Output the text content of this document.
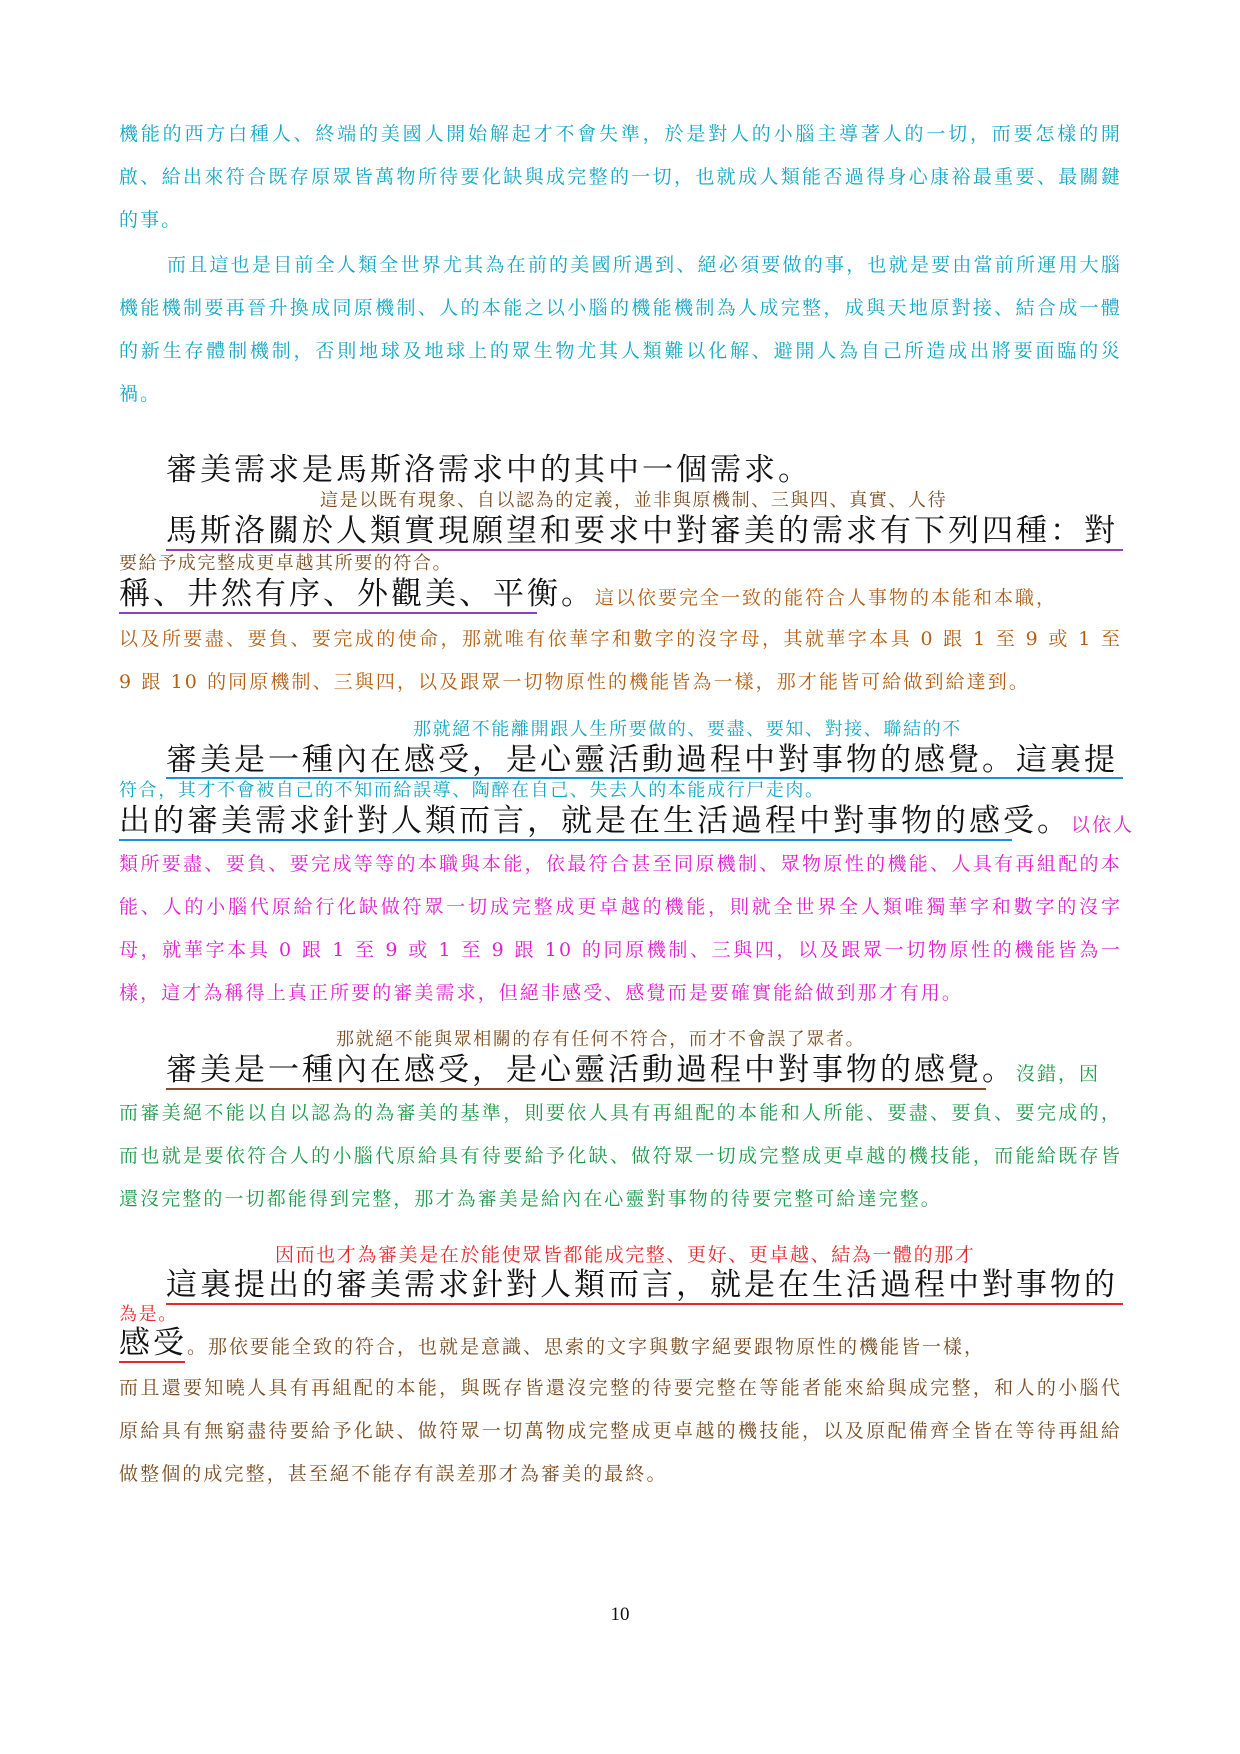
機能的西方白種人、終端的美國人開始解起才不會失準，於是對人的小腦主導著人的一切，而要怎樣的開啟、給出來符合既存原眾皆萬物所待要化缺與成完整的一切，也就成人類能否過得身心康裕最重要、最關鍵的事。

而且這也是目前全人類全世界尤其為在前的美國所遇到、絕必須要做的事，也就是要由當前所運用大腦機能機制要再晉升換成同原機制、人的本能之以小腦的機能機制為人成完整，成與天地原對接、結合成一體的新生存體制機制，否則地球及地球上的眾生物尤其人類難以化解、避開人為自己所造成出將要面臨的災禍。

審美需求是馬斯洛需求中的其中一個需求。
這是以既有現象、自以認為的定義，並非與原機制、三與四、真實、人待
馬斯洛關於人類實現願望和要求中對審美的需求有下列四種：對
要給予成完整成更卓越其所要的符合。
稱、井然有序、外觀美、平衡。這以依要完全一致的能符合人事物的本能和本職，

以及所要盡、要負、要完成的使命，那就唯有依華字和數字的沒字母，其就華字本具 0 跟 1 至 9 或 1 至 9 跟 10 的同原機制、三與四，以及跟眾一切物原性的機能皆為一樣，那才能皆可給做到給達到。

那就絕不能離開跟人生所要做的、要盡、要知、對接、聯結的不
審美是一種內在感受，是心靈活動過程中對事物的感覺。這裏提
符合，其才不會被自己的不知而給誤導、陶醉在自己、失去人的本能成行尸走肉。
出的審美需求針對人類而言，就是在生活過程中對事物的感受。以依人

類所要盡、要負、要完成等等的本職與本能，依最符合甚至同原機制、眾物原性的機能、人具有再組配的本能、人的小腦代原給行化缺做符眾一切成完整成更卓越的機能，則就全世界全人類唯獨華字和數字的沒字母，就華字本具 0 跟 1 至 9 或 1 至 9 跟 10 的同原機制、三與四，以及跟眾一切物原性的機能皆為一樣，這才為稱得上真正所要的審美需求，但絕非感受、感覺而是要確實能給做到那才有用。

那就絕不能與眾相關的存有任何不符合，而才不會誤了眾者。
審美是一種內在感受，是心靈活動過程中對事物的感覺。沒錯，因

而審美絕不能以自以認為的為審美的基準，則要依人具有再組配的本能和人所能、要盡、要負、要完成的，而也就是要依符合人的小腦代原給具有待要給予化缺、做符眾一切成完整成更卓越的機技能，而能給既存皆還沒完整的一切都能得到完整，那才為審美是給內在心靈對事物的待要完整可給達完整。

因而也才為審美是在於能使眾皆都能成完整、更好、更卓越、結為一體的那才
這裏提出的審美需求針對人類而言，就是在生活過程中對事物的
為是。
感受。那依要能全致的符合，也就是意識、思索的文字與數字絕要跟物原性的機能皆一樣，

而且還要知曉人具有再組配的本能，與既存皆還沒完整的待要完整在等能者能來給與成完整，和人的小腦代原給具有無窮盡待要給予化缺、做符眾一切萬物成完整成更卓越的機技能，以及原配備齊全皆在等待再組給做整個的成完整，甚至絕不能存有誤差那才為審美的最終。

10
